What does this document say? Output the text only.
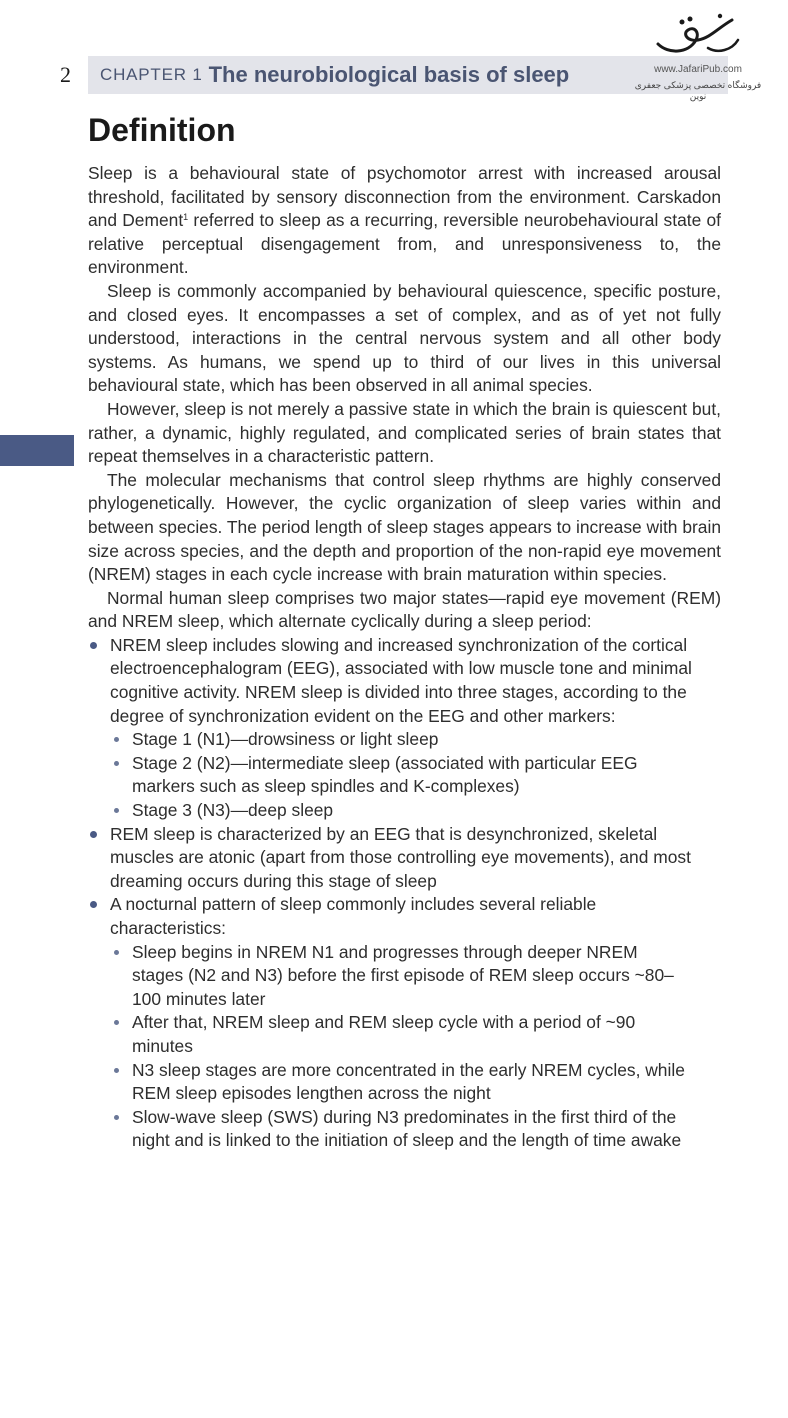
2 CHAPTER 1 The neurobiological basis of sleep	www.JafariPub.com
فروشگاه تخصصی پزشکی جعفری نوین
Definition

Sleep is a behavioural state of psychomotor arrest with increased arousal threshold, facilitated by sensory disconnection from the environment. Carskadon and Dement$^1$ referred to sleep as a recurring, reversible neurobehavioural state of relative perceptual disengagement from, and unresponsiveness to, the environment.

Sleep is commonly accompanied by behavioural quiescence, specific posture, and closed eyes. It encompasses a set of complex, and as of yet not fully understood, interactions in the central nervous system and all other body systems. As humans, we spend up to third of our lives in this universal behavioural state, which has been observed in all animal species.

However, sleep is not merely a passive state in which the brain is quiescent but, rather, a dynamic, highly regulated, and complicated series of brain states that repeat themselves in a characteristic pattern.

The molecular mechanisms that control sleep rhythms are highly conserved phylogenetically. However, the cyclic organization of sleep varies within and between species. The period length of sleep stages appears to increase with brain size across species, and the depth and proportion of the non-rapid eye movement (NREM) stages in each cycle increase with brain maturation within species.

Normal human sleep comprises two major states—rapid eye movement (REM) and NREM sleep, which alternate cyclically during a sleep period:

NREM sleep includes slowing and increased synchronization of the cortical electroencephalogram (EEG), associated with low muscle tone and minimal cognitive activity. NREM sleep is divided into three stages, according to the degree of synchronization evident on the EEG and other markers:
Stage 1 (N1)—drowsiness or light sleep
Stage 2 (N2)—intermediate sleep (associated with particular EEG markers such as sleep spindles and K-complexes)
Stage 3 (N3)—deep sleep
REM sleep is characterized by an EEG that is desynchronized, skeletal muscles are atonic (apart from those controlling eye movements), and most dreaming occurs during this stage of sleep
A nocturnal pattern of sleep commonly includes several reliable characteristics:
Sleep begins in NREM N1 and progresses through deeper NREM stages (N2 and N3) before the first episode of REM sleep occurs ~80–100 minutes later
After that, NREM sleep and REM sleep cycle with a period of ~90 minutes
N3 sleep stages are more concentrated in the early NREM cycles, while REM sleep episodes lengthen across the night
Slow-wave sleep (SWS) during N3 predominates in the first third of the night and is linked to the initiation of sleep and the length of time awake
